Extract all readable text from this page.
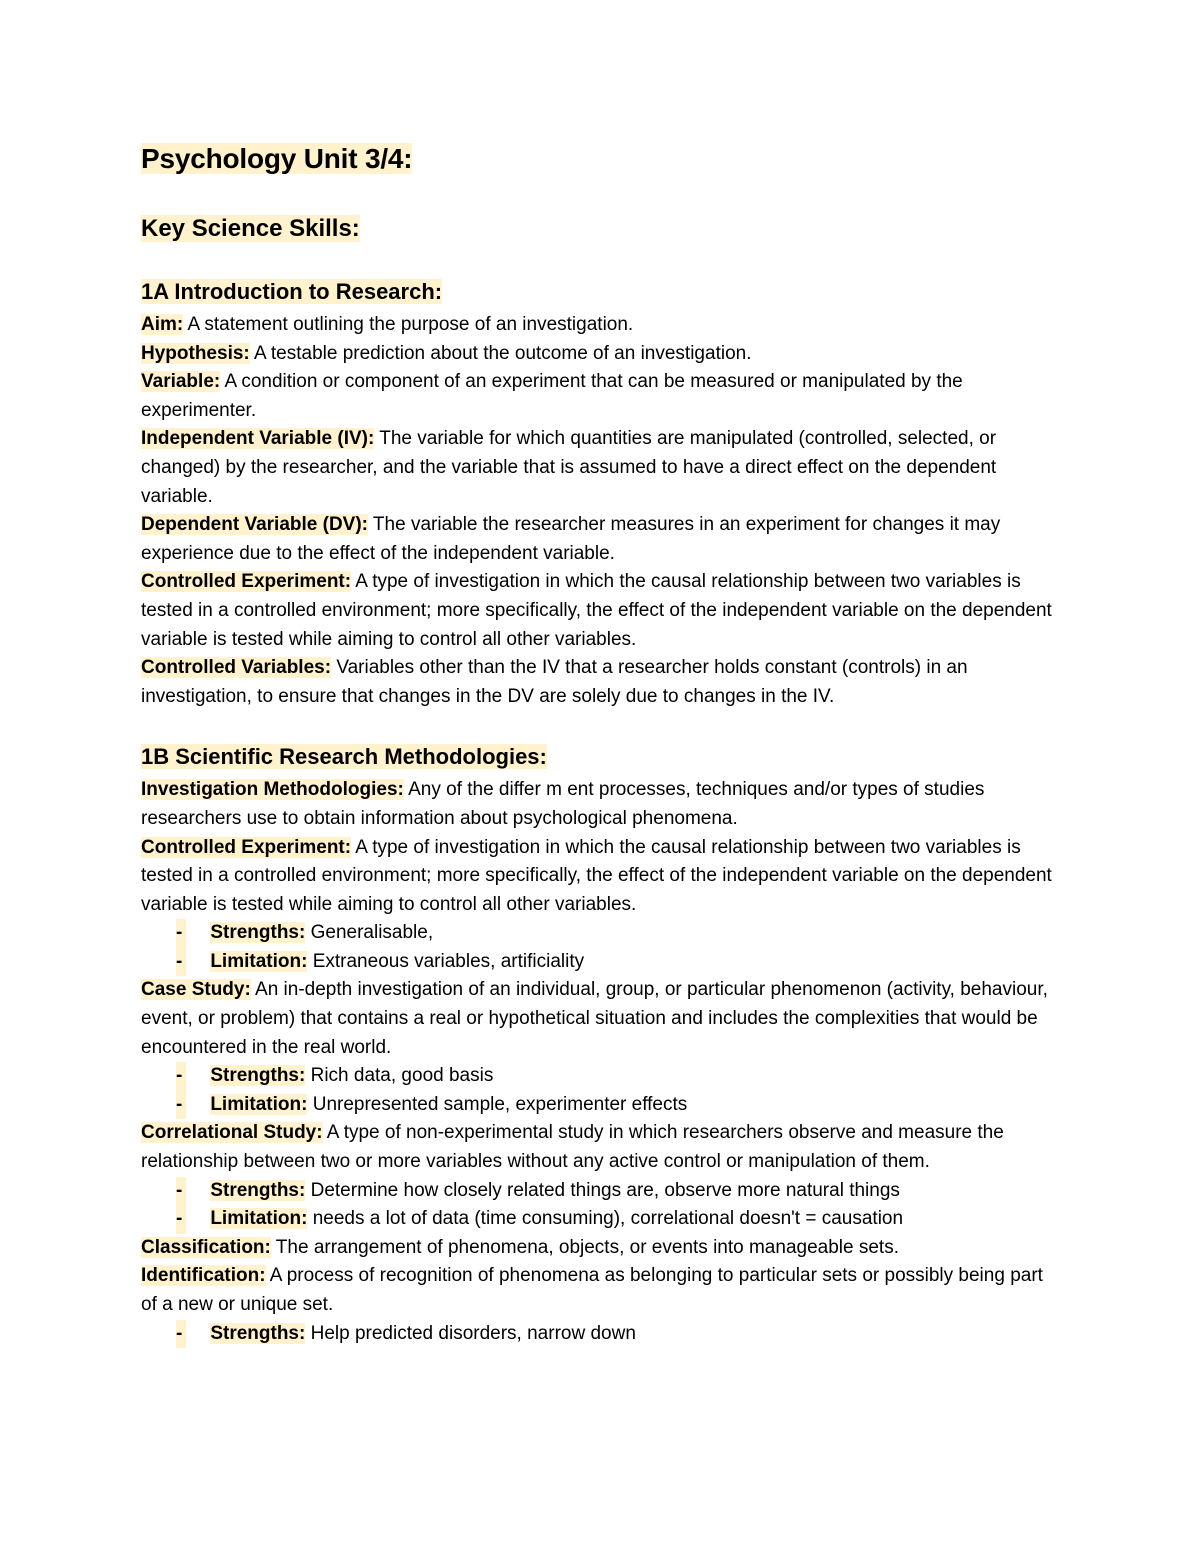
Psychology Unit 3/4:
Key Science Skills:
1A Introduction to Research:

Aim: A statement outlining the purpose of an investigation.

Hypothesis: A testable prediction about the outcome of an investigation.

Variable: A condition or component of an experiment that can be measured or manipulated by the experimenter.

Independent Variable (IV): The variable for which quantities are manipulated (controlled, selected, or changed) by the researcher, and the variable that is assumed to have a direct effect on the dependent variable.

Dependent Variable (DV): The variable the researcher measures in an experiment for changes it may experience due to the effect of the independent variable.

Controlled Experiment: A type of investigation in which the causal relationship between two variables is tested in a controlled environment; more specifically, the effect of the independent variable on the dependent variable is tested while aiming to control all other variables.

Controlled Variables: Variables other than the IV that a researcher holds constant (controls) in an investigation, to ensure that changes in the DV are solely due to changes in the IV.

1B Scientific Research Methodologies:

Investigation Methodologies: Any of the differ m ent processes, techniques and/or types of studies researchers use to obtain information about psychological phenomena.

Controlled Experiment: A type of investigation in which the causal relationship between two variables is tested in a controlled environment; more specifically, the effect of the independent variable on the dependent variable is tested while aiming to control all other variables.

- Strengths: Generalisable,
- Limitation: Extraneous variables, artificiality

Case Study: An in-depth investigation of an individual, group, or particular phenomenon (activity, behaviour, event, or problem) that contains a real or hypothetical situation and includes the complexities that would be encountered in the real world.

- Strengths: Rich data, good basis
- Limitation: Unrepresented sample, experimenter effects

Correlational Study: A type of non-experimental study in which researchers observe and measure the relationship between two or more variables without any active control or manipulation of them.

- Strengths: Determine how closely related things are, observe more natural things
- Limitation: needs a lot of data (time consuming), correlational doesn't = causation

Classification: The arrangement of phenomena, objects, or events into manageable sets.

Identification: A process of recognition of phenomena as belonging to particular sets or possibly being part of a new or unique set.

- Strengths: Help predicted disorders, narrow down
